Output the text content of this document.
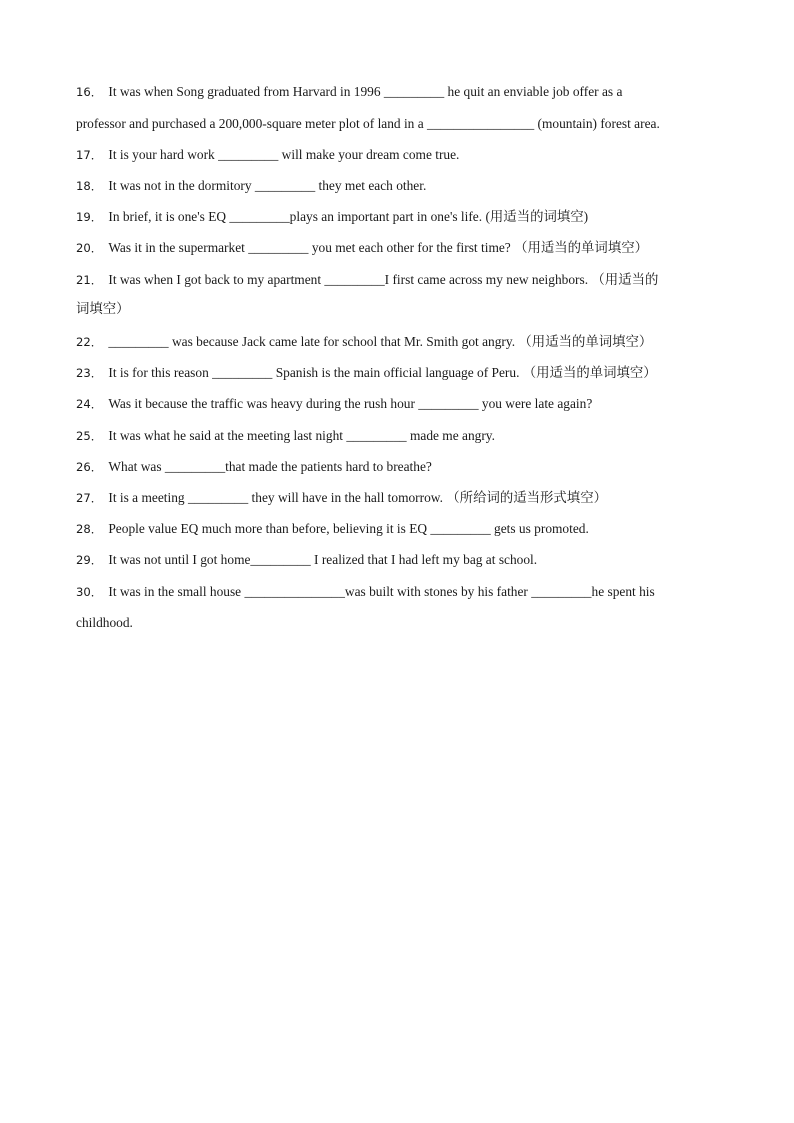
16． It was when Song graduated from Harvard in 1996 _________ he quit an enviable job offer as a
professor and purchased a 200,000-square meter plot of land in a ________________ (mountain) forest area.
17． It is your hard work _________ will make your dream come true.
18． It was not in the dormitory _________ they met each other.
19． In brief, it is one's EQ _________plays an important part in one's life. (用适当的词填空)
20． Was it in the supermarket _________ you met each other for the first time? （用适当的单词填空）
21． It was when I got back to my apartment _________I first came across my new neighbors. （用适当的
词填空）
22． _________ was because Jack came late for school that Mr. Smith got angry. （用适当的单词填空）
23． It is for this reason _________ Spanish is the main official language of Peru. （用适当的单词填空）
24． Was it because the traffic was heavy during the rush hour _________ you were late again?
25． It was what he said at the meeting last night _________ made me angry.
26． What was _________that made the patients hard to breathe?
27． It is a meeting _________ they will have in the hall tomorrow. （所给词的适当形式填空）
28． People value EQ much more than before, believing it is EQ _________ gets us promoted.
29． It was not until I got home_________ I realized that I had left my bag at school.
30． It was in the small house _______________was built with stones by his father _________he spent his
childhood.
